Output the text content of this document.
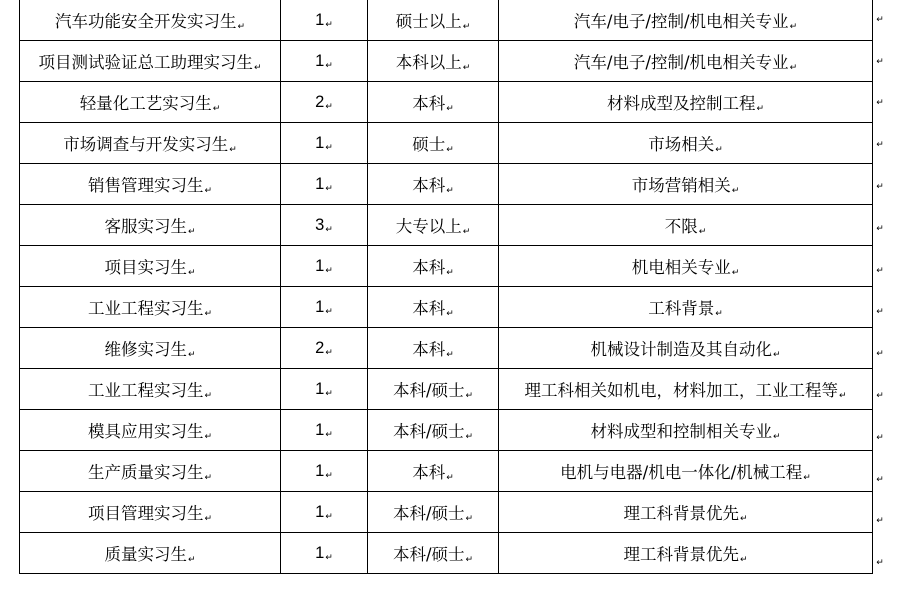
汽车功能安全开发实习生↵	1↵	硕士以上↵	汽车/电子/控制/机电相关专业↵
项目测试验证总工助理实习生↵	1↵	本科以上↵	汽车/电子/控制/机电相关专业↵
轻量化工艺实习生↵	2↵	本科↵	材料成型及控制工程↵
市场调查与开发实习生↵	1↵	硕士↵	市场相关↵
销售管理实习生↵	1↵	本科↵	市场营销相关↵
客服实习生↵	3↵	大专以上↵	不限↵
项目实习生↵	1↵	本科↵	机电相关专业↵
工业工程实习生↵	1↵	本科↵	工科背景↵
维修实习生↵	2↵	本科↵	机械设计制造及其自动化↵
工业工程实习生↵	1↵	本科/硕士↵	理工科相关如机电，材料加工，工业工程等↵
模具应用实习生↵	1↵	本科/硕士↵	材料成型和控制相关专业↵
生产质量实习生↵	1↵	本科↵	电机与电器/机电一体化/机械工程↵
项目管理实习生↵	1↵	本科/硕士↵	理工科背景优先↵
质量实习生↵	1↵	本科/硕士↵	理工科背景优先↵
↵
↵
↵
↵
↵
↵
↵
↵
↵
↵
↵
↵
↵
↵
